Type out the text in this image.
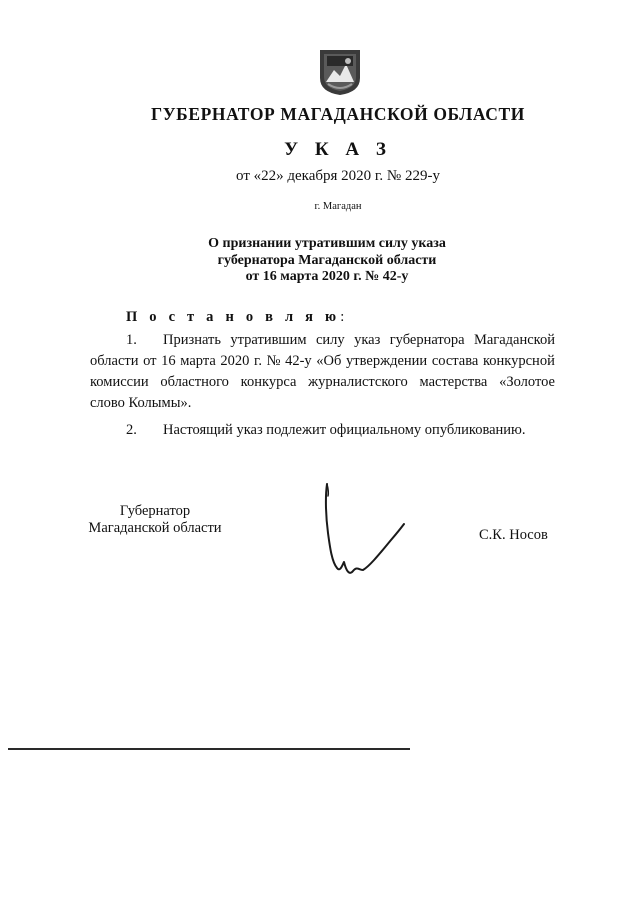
ГУБЕРНАТОР МАГАДАНСКОЙ ОБЛАСТИ
У К А З
от «22» декабря 2020 г. № 229-у
г. Магадан
О признании утратившим силу указа
губернатора Магаданской области
от 16 марта 2020 г. № 42-у
П о с т а н о в л я ю:
1. Признать утратившим силу указ губернатора Магаданской
области от 16 марта 2020 г. № 42-у «Об утверждении состава конкурсной
комиссии областного конкурса журналистского мастерства «Золотое
слово Колымы».
2. Настоящий указ подлежит официальному опубликованию.
Губернатор
Магаданской области	С.К. Носов
